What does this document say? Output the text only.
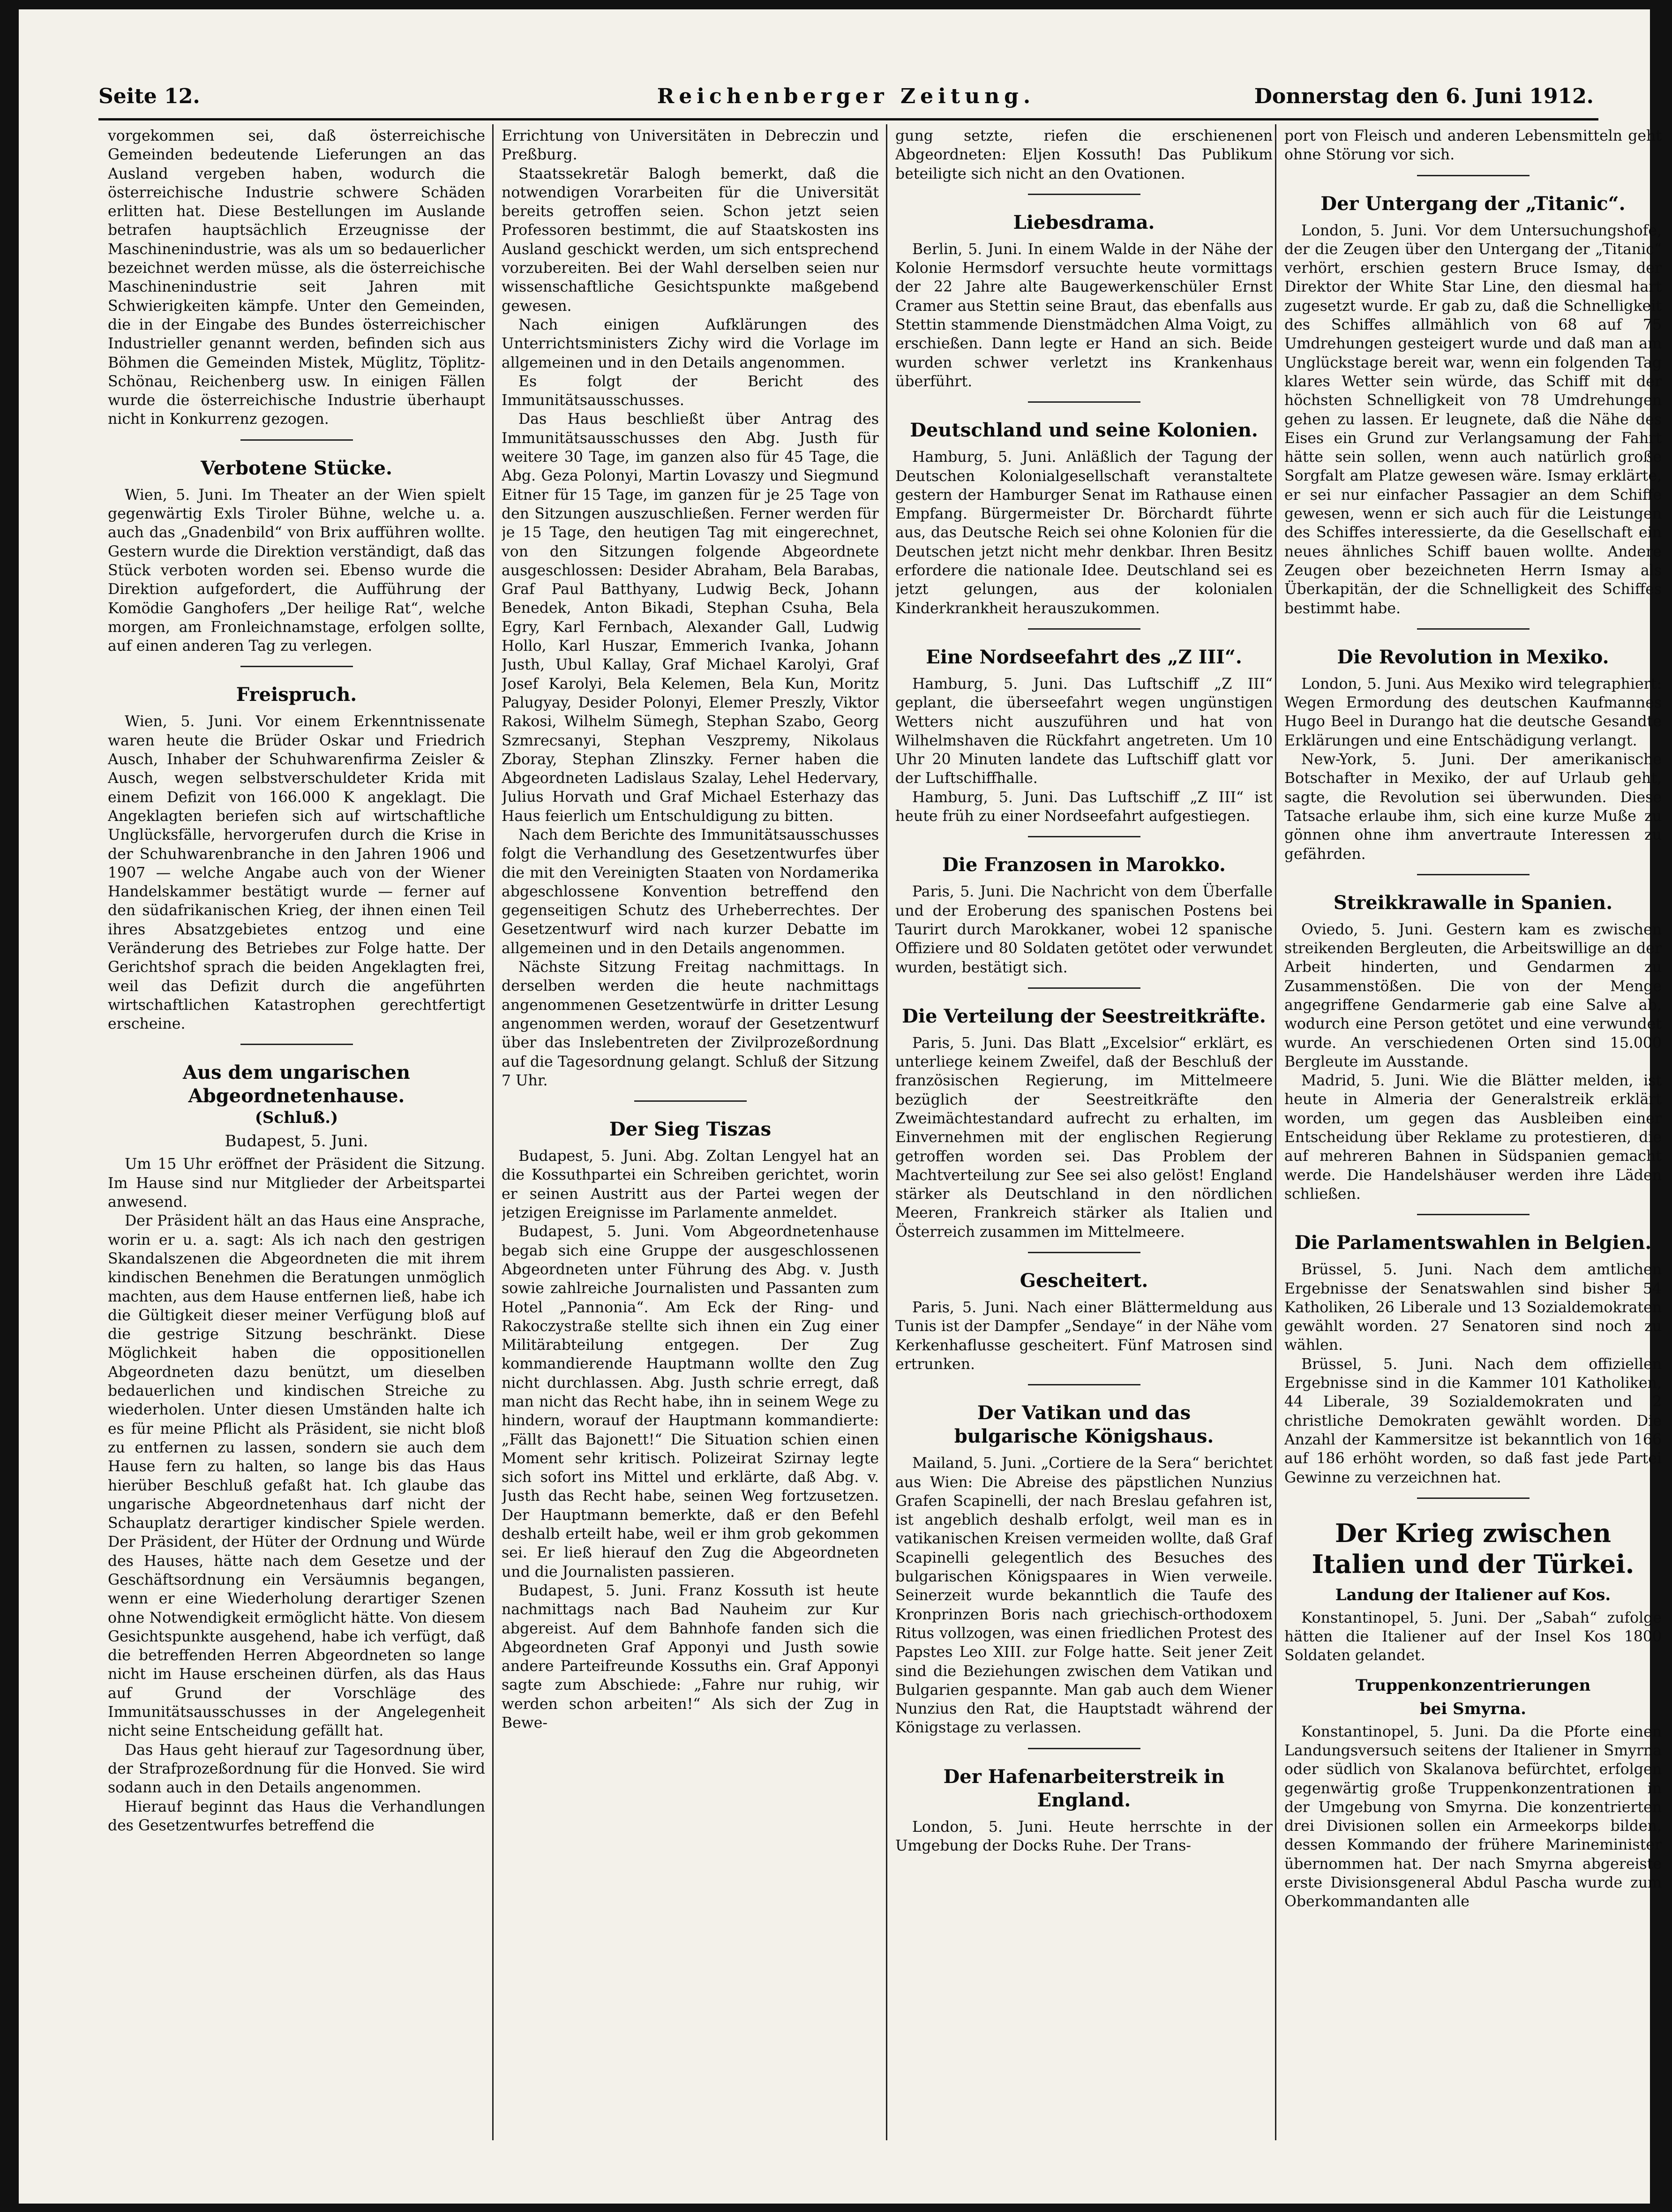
Seite 12.	Reichenberger Zeitung.	Donnerstag den 6. Juni 1912.

vorgekommen sei, daß österreichische Gemeinden bedeutende Lieferungen an das Ausland vergeben haben, wodurch die österreichische Industrie schwere Schäden erlitten hat. Diese Bestellungen im Auslande betrafen hauptsächlich Erzeugnisse der Maschinenindustrie, was als um so bedauerlicher bezeichnet werden müsse, als die österreichische Maschinenindustrie seit Jahren mit Schwierigkeiten kämpfe. Unter den Gemeinden, die in der Eingabe des Bundes österreichischer Industrieller genannt werden, befinden sich aus Böhmen die Gemeinden Mistek, Müglitz, Töplitz-Schönau, Reichenberg usw. In einigen Fällen wurde die österreichische Industrie überhaupt nicht in Konkurrenz gezogen.

Verbotene Stücke.

Wien, 5. Juni. Im Theater an der Wien spielt gegenwärtig Exls Tiroler Bühne, welche u. a. auch das „Gnadenbild“ von Brix aufführen wollte. Gestern wurde die Direktion verständigt, daß das Stück verboten worden sei. Ebenso wurde die Direktion aufgefordert, die Aufführung der Komödie Ganghofers „Der heilige Rat“, welche morgen, am Fronleichnamstage, erfolgen sollte, auf einen anderen Tag zu verlegen.

Freispruch.

Wien, 5. Juni. Vor einem Erkenntnissenate waren heute die Brüder Oskar und Friedrich Ausch, Inhaber der Schuhwarenfirma Zeisler & Ausch, wegen selbstverschuldeter Krida mit einem Defizit von 166.000 K angeklagt. Die Angeklagten beriefen sich auf wirtschaftliche Unglücksfälle, hervorgerufen durch die Krise in der Schuhwarenbranche in den Jahren 1906 und 1907 — welche Angabe auch von der Wiener Handelskammer bestätigt wurde — ferner auf den südafrikanischen Krieg, der ihnen einen Teil ihres Absatzgebietes entzog und eine Veränderung des Betriebes zur Folge hatte. Der Gerichtshof sprach die beiden Angeklagten frei, weil das Defizit durch die angeführten wirtschaftlichen Katastrophen gerechtfertigt erscheine.

Aus dem ungarischen Abgeordnetenhause.
(Schluß.)
Budapest, 5. Juni.

Um 15 Uhr eröffnet der Präsident die Sitzung. Im Hause sind nur Mitglieder der Arbeitspartei anwesend.

Der Präsident hält an das Haus eine Ansprache, worin er u. a. sagt: Als ich nach den gestrigen Skandalszenen die Abgeordneten die mit ihrem kindischen Benehmen die Beratungen unmöglich machten, aus dem Hause entfernen ließ, habe ich die Gültigkeit dieser meiner Verfügung bloß auf die gestrige Sitzung beschränkt. Diese Möglichkeit haben die oppositionellen Abgeordneten dazu benützt, um dieselben bedauerlichen und kindischen Streiche zu wiederholen. Unter diesen Umständen halte ich es für meine Pflicht als Präsident, sie nicht bloß zu entfernen zu lassen, sondern sie auch dem Hause fern zu halten, so lange bis das Haus hierüber Beschluß gefaßt hat. Ich glaube das ungarische Abgeordnetenhaus darf nicht der Schauplatz derartiger kindischer Spiele werden. Der Präsident, der Hüter der Ordnung und Würde des Hauses, hätte nach dem Gesetze und der Geschäftsordnung ein Versäumnis begangen, wenn er eine Wiederholung derartiger Szenen ohne Notwendigkeit ermöglicht hätte. Von diesem Gesichtspunkte ausgehend, habe ich verfügt, daß die betreffenden Herren Abgeordneten so lange nicht im Hause erscheinen dürfen, als das Haus auf Grund der Vorschläge des Immunitätsausschusses in der Angelegenheit nicht seine Entscheidung gefällt hat.

Das Haus geht hierauf zur Tagesordnung über, der Strafprozeßordnung für die Honved. Sie wird sodann auch in den Details angenommen.

Hierauf beginnt das Haus die Verhandlungen des Gesetzentwurfes betreffend die

Errichtung von Universitäten in Debreczin und Preßburg.

Staatssekretär Balogh bemerkt, daß die notwendigen Vorarbeiten für die Universität bereits getroffen seien. Schon jetzt seien Professoren bestimmt, die auf Staatskosten ins Ausland geschickt werden, um sich entsprechend vorzubereiten. Bei der Wahl derselben seien nur wissenschaftliche Gesichtspunkte maßgebend gewesen.

Nach einigen Aufklärungen des Unterrichtsministers Zichy wird die Vorlage im allgemeinen und in den Details angenommen.

Es folgt der Bericht des Immunitätsausschusses.

Das Haus beschließt über Antrag des Immunitätsausschusses den Abg. Justh für weitere 30 Tage, im ganzen also für 45 Tage, die Abg. Geza Polonyi, Martin Lovaszy und Siegmund Eitner für 15 Tage, im ganzen für je 25 Tage von den Sitzungen auszuschließen. Ferner werden für je 15 Tage, den heutigen Tag mit eingerechnet, von den Sitzungen folgende Abgeordnete ausgeschlossen: Desider Abraham, Bela Barabas, Graf Paul Batthyany, Ludwig Beck, Johann Benedek, Anton Bikadi, Stephan Csuha, Bela Egry, Karl Fernbach, Alexander Gall, Ludwig Hollo, Karl Huszar, Emmerich Ivanka, Johann Justh, Ubul Kallay, Graf Michael Karolyi, Graf Josef Karolyi, Bela Kelemen, Bela Kun, Moritz Palugyay, Desider Polonyi, Elemer Preszly, Viktor Rakosi, Wilhelm Sümegh, Stephan Szabo, Georg Szmrecsanyi, Stephan Veszpremy, Nikolaus Zboray, Stephan Zlinszky. Ferner haben die Abgeordneten Ladislaus Szalay, Lehel Hedervary, Julius Horvath und Graf Michael Esterhazy das Haus feierlich um Entschuldigung zu bitten.

Nach dem Berichte des Immunitätsausschusses folgt die Verhandlung des Gesetzentwurfes über die mit den Vereinigten Staaten von Nordamerika abgeschlossene Konvention betreffend den gegenseitigen Schutz des Urheberrechtes. Der Gesetzentwurf wird nach kurzer Debatte im allgemeinen und in den Details angenommen.

Nächste Sitzung Freitag nachmittags. In derselben werden die heute nachmittags angenommenen Gesetzentwürfe in dritter Lesung angenommen werden, worauf der Gesetzentwurf über das Inslebentreten der Zivilprozeßordnung auf die Tagesordnung gelangt. Schluß der Sitzung 7 Uhr.

Der Sieg Tiszas

Budapest, 5. Juni. Abg. Zoltan Lengyel hat an die Kossuthpartei ein Schreiben gerichtet, worin er seinen Austritt aus der Partei wegen der jetzigen Ereignisse im Parlamente anmeldet.

Budapest, 5. Juni. Vom Abgeordnetenhause begab sich eine Gruppe der ausgeschlossenen Abgeordneten unter Führung des Abg. v. Justh sowie zahlreiche Journalisten und Passanten zum Hotel „Pannonia“. Am Eck der Ring- und Rakoczystraße stellte sich ihnen ein Zug einer Militärabteilung entgegen. Der Zug kommandierende Hauptmann wollte den Zug nicht durchlassen. Abg. Justh schrie erregt, daß man nicht das Recht habe, ihn in seinem Wege zu hindern, worauf der Hauptmann kommandierte: „Fällt das Bajonett!“ Die Situation schien einen Moment sehr kritisch. Polizeirat Szirnay legte sich sofort ins Mittel und erklärte, daß Abg. v. Justh das Recht habe, seinen Weg fortzusetzen. Der Hauptmann bemerkte, daß er den Befehl deshalb erteilt habe, weil er ihm grob gekommen sei. Er ließ hierauf den Zug die Abgeordneten und die Journalisten passieren.

Budapest, 5. Juni. Franz Kossuth ist heute nachmittags nach Bad Nauheim zur Kur abgereist. Auf dem Bahnhofe fanden sich die Abgeordneten Graf Apponyi und Justh sowie andere Parteifreunde Kossuths ein. Graf Apponyi sagte zum Abschiede: „Fahre nur ruhig, wir werden schon arbeiten!“ Als sich der Zug in Bewe-

gung setzte, riefen die erschienenen Abgeordneten: Eljen Kossuth! Das Publikum beteiligte sich nicht an den Ovationen.

Liebesdrama.

Berlin, 5. Juni. In einem Walde in der Nähe der Kolonie Hermsdorf versuchte heute vormittags der 22 Jahre alte Baugewerkenschüler Ernst Cramer aus Stettin seine Braut, das ebenfalls aus Stettin stammende Dienstmädchen Alma Voigt, zu erschießen. Dann legte er Hand an sich. Beide wurden schwer verletzt ins Krankenhaus überführt.

Deutschland und seine Kolonien.

Hamburg, 5. Juni. Anläßlich der Tagung der Deutschen Kolonialgesellschaft veranstaltete gestern der Hamburger Senat im Rathause einen Empfang. Bürgermeister Dr. Börchardt führte aus, das Deutsche Reich sei ohne Kolonien für die Deutschen jetzt nicht mehr denkbar. Ihren Besitz erfordere die nationale Idee. Deutschland sei es jetzt gelungen, aus der kolonialen Kinderkrankheit herauszukommen.

Eine Nordseefahrt des „Z III“.

Hamburg, 5. Juni. Das Luftschiff „Z III“ geplant, die überseefahrt wegen ungünstigen Wetters nicht auszuführen und hat von Wilhelmshaven die Rückfahrt angetreten. Um 10 Uhr 20 Minuten landete das Luftschiff glatt vor der Luftschiffhalle.

Hamburg, 5. Juni. Das Luftschiff „Z III“ ist heute früh zu einer Nordseefahrt aufgestiegen.

Die Franzosen in Marokko.

Paris, 5. Juni. Die Nachricht von dem Überfalle und der Eroberung des spanischen Postens bei Taurirt durch Marokkaner, wobei 12 spanische Offiziere und 80 Soldaten getötet oder verwundet wurden, bestätigt sich.

Die Verteilung der Seestreitkräfte.

Paris, 5. Juni. Das Blatt „Excelsior“ erklärt, es unterliege keinem Zweifel, daß der Beschluß der französischen Regierung, im Mittelmeere bezüglich der Seestreitkräfte den Zweimächtestandard aufrecht zu erhalten, im Einvernehmen mit der englischen Regierung getroffen worden sei. Das Problem der Machtverteilung zur See sei also gelöst! England stärker als Deutschland in den nördlichen Meeren, Frankreich stärker als Italien und Österreich zusammen im Mittelmeere.

Gescheitert.

Paris, 5. Juni. Nach einer Blättermeldung aus Tunis ist der Dampfer „Sendaye“ in der Nähe vom Kerkenhaflusse gescheitert. Fünf Matrosen sind ertrunken.

Der Vatikan und das
bulgarische Königshaus.

Mailand, 5. Juni. „Cortiere de la Sera“ berichtet aus Wien: Die Abreise des päpstlichen Nunzius Grafen Scapinelli, der nach Breslau gefahren ist, ist angeblich deshalb erfolgt, weil man es in vatikanischen Kreisen vermeiden wollte, daß Graf Scapinelli gelegentlich des Besuches des bulgarischen Königspaares in Wien verweile. Seinerzeit wurde bekanntlich die Taufe des Kronprinzen Boris nach griechisch-orthodoxem Ritus vollzogen, was einen friedlichen Protest des Papstes Leo XIII. zur Folge hatte. Seit jener Zeit sind die Beziehungen zwischen dem Vatikan und Bulgarien gespannte. Man gab auch dem Wiener Nunzius den Rat, die Hauptstadt während der Königstage zu verlassen.

Der Hafenarbeiterstreik in England.

London, 5. Juni. Heute herrschte in der Umgebung der Docks Ruhe. Der Trans-

port von Fleisch und anderen Lebensmitteln geht ohne Störung vor sich.

Der Untergang der „Titanic“.

London, 5. Juni. Vor dem Untersuchungshofe, der die Zeugen über den Untergang der „Titanic“ verhört, erschien gestern Bruce Ismay, der Direktor der White Star Line, den diesmal hart zugesetzt wurde. Er gab zu, daß die Schnelligkeit des Schiffes allmählich von 68 auf 75 Umdrehungen gesteigert wurde und daß man am Unglückstage bereit war, wenn ein folgenden Tag klares Wetter sein würde, das Schiff mit der höchsten Schnelligkeit von 78 Umdrehungen gehen zu lassen. Er leugnete, daß die Nähe des Eises ein Grund zur Verlangsamung der Fahrt hätte sein sollen, wenn auch natürlich große Sorgfalt am Platze gewesen wäre. Ismay erklärte, er sei nur einfacher Passagier an dem Schiffe gewesen, wenn er sich auch für die Leistungen des Schiffes interessierte, da die Gesellschaft ein neues ähnliches Schiff bauen wollte. Andere Zeugen ober bezeichneten Herrn Ismay als Überkapitän, der die Schnelligkeit des Schiffes bestimmt habe.

Die Revolution in Mexiko.

London, 5. Juni. Aus Mexiko wird telegraphiert: Wegen Ermordung des deutschen Kaufmannes Hugo Beel in Durango hat die deutsche Gesandte Erklärungen und eine Entschädigung verlangt.

New-York, 5. Juni. Der amerikanische Botschafter in Mexiko, der auf Urlaub geht, sagte, die Revolution sei überwunden. Diese Tatsache erlaube ihm, sich eine kurze Muße zu gönnen ohne ihm anvertraute Interessen zu gefährden.

Streikkrawalle in Spanien.

Oviedo, 5. Juni. Gestern kam es zwischen streikenden Bergleuten, die Arbeitswillige an der Arbeit hinderten, und Gendarmen zu Zusammenstößen. Die von der Menge angegriffene Gendarmerie gab eine Salve ab, wodurch eine Person getötet und eine verwundet wurde. An verschiedenen Orten sind 15.000 Bergleute im Ausstande.

Madrid, 5. Juni. Wie die Blätter melden, ist heute in Almeria der Generalstreik erklärt worden, um gegen das Ausbleiben einer Entscheidung über Reklame zu protestieren, die auf mehreren Bahnen in Südspanien gemacht werde. Die Handelshäuser werden ihre Läden schließen.

Die Parlamentswahlen in Belgien.

Brüssel, 5. Juni. Nach dem amtlichen Ergebnisse der Senatswahlen sind bisher 54 Katholiken, 26 Liberale und 13 Sozialdemokraten gewählt worden. 27 Senatoren sind noch zu wählen.

Brüssel, 5. Juni. Nach dem offiziellen Ergebnisse sind in die Kammer 101 Katholiken, 44 Liberale, 39 Sozialdemokraten und 2 christliche Demokraten gewählt worden. Die Anzahl der Kammersitze ist bekanntlich von 166 auf 186 erhöht worden, so daß fast jede Partei Gewinne zu verzeichnen hat.

Der Krieg zwischen
Italien und der Türkei.
Landung der Italiener auf Kos.

Konstantinopel, 5. Juni. Der „Sabah“ zufolge hätten die Italiener auf der Insel Kos 1800 Soldaten gelandet.

Truppenkonzentrierungen
bei Smyrna.

Konstantinopel, 5. Juni. Da die Pforte einen Landungsversuch seitens der Italiener in Smyrna oder südlich von Skalanova befürchtet, erfolgen gegenwärtig große Truppenkonzentrationen in der Umgebung von Smyrna. Die konzentrierten drei Divisionen sollen ein Armeekorps bilden, dessen Kommando der frühere Marineminister übernommen hat. Der nach Smyrna abgereiste erste Divisionsgeneral Abdul Pascha wurde zum Oberkommandanten alle
